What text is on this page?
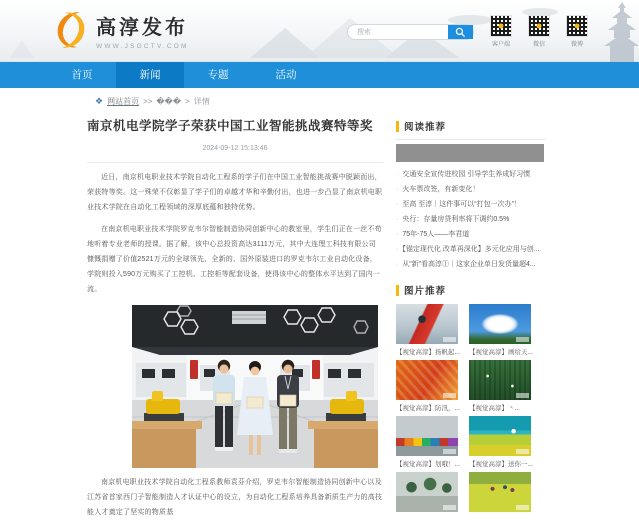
高淳发布
WWW.JSGCTV.COM
搜索	客户端	微信	微博
首页	新闻	专题	活动
❖ 网站首页 >> ��� > 详情
南京机电学院学子荣获中国工业智能挑战赛特等奖
2024-09-12 15:13:46

近日，南京机电职业技术学院自动化工程系的学子们在中国工业智能挑战赛中脱颖而出，荣获特等奖。这一殊荣不仅彰显了学子们的卓越才华和辛勤付出，也进一步凸显了南京机电职业技术学院在自动化工程领域的深厚底蕴和独特优势。

在南京机电职业技术学院罗克韦尔智能制造协同创新中心的教室里，学生们正在一丝不苟地听着专业老师的授课。据了解，该中心总投资高达3111万元，其中大连理工科技有限公司慷慨捐赠了价值2521万元的全球领先、全新的、国外原装进口的罗克韦尔工业自动化设备，学院则投入590万元购买了工控机、工控柜等配套设备，使得该中心的整体水平达到了国内一流。

南京机电职业技术学院自动化工程系教师袁芬介绍，罗克韦尔智能制造协同创新中心以及江苏省首家西门子智能制造人才认证中心的设立，为自动化工程系培养具备新质生产力的高技能人才奠定了坚实的物质基

阅读推荐
· 交通安全宣传进校园 引导学生养成好习惯
· 火车票改签，有新变化！
· 至高 至淳｜这件事可以“打包一次办”！
· 央行：存量房贷利率将下调约0.5%
· 75年-75人——李君道
· 【锚定现代化 改革再深化】多元化应用与创...
· 从“新”看高淳①｜这家企业单日发货量超4...
图片推荐
【视觉高淳】扬帆起... 【视觉高淳】画给天...
【视觉高淳】防汛，... 【视觉高淳】丶...
【视觉高淳】划哦！... 【视觉高淳】送你一...
